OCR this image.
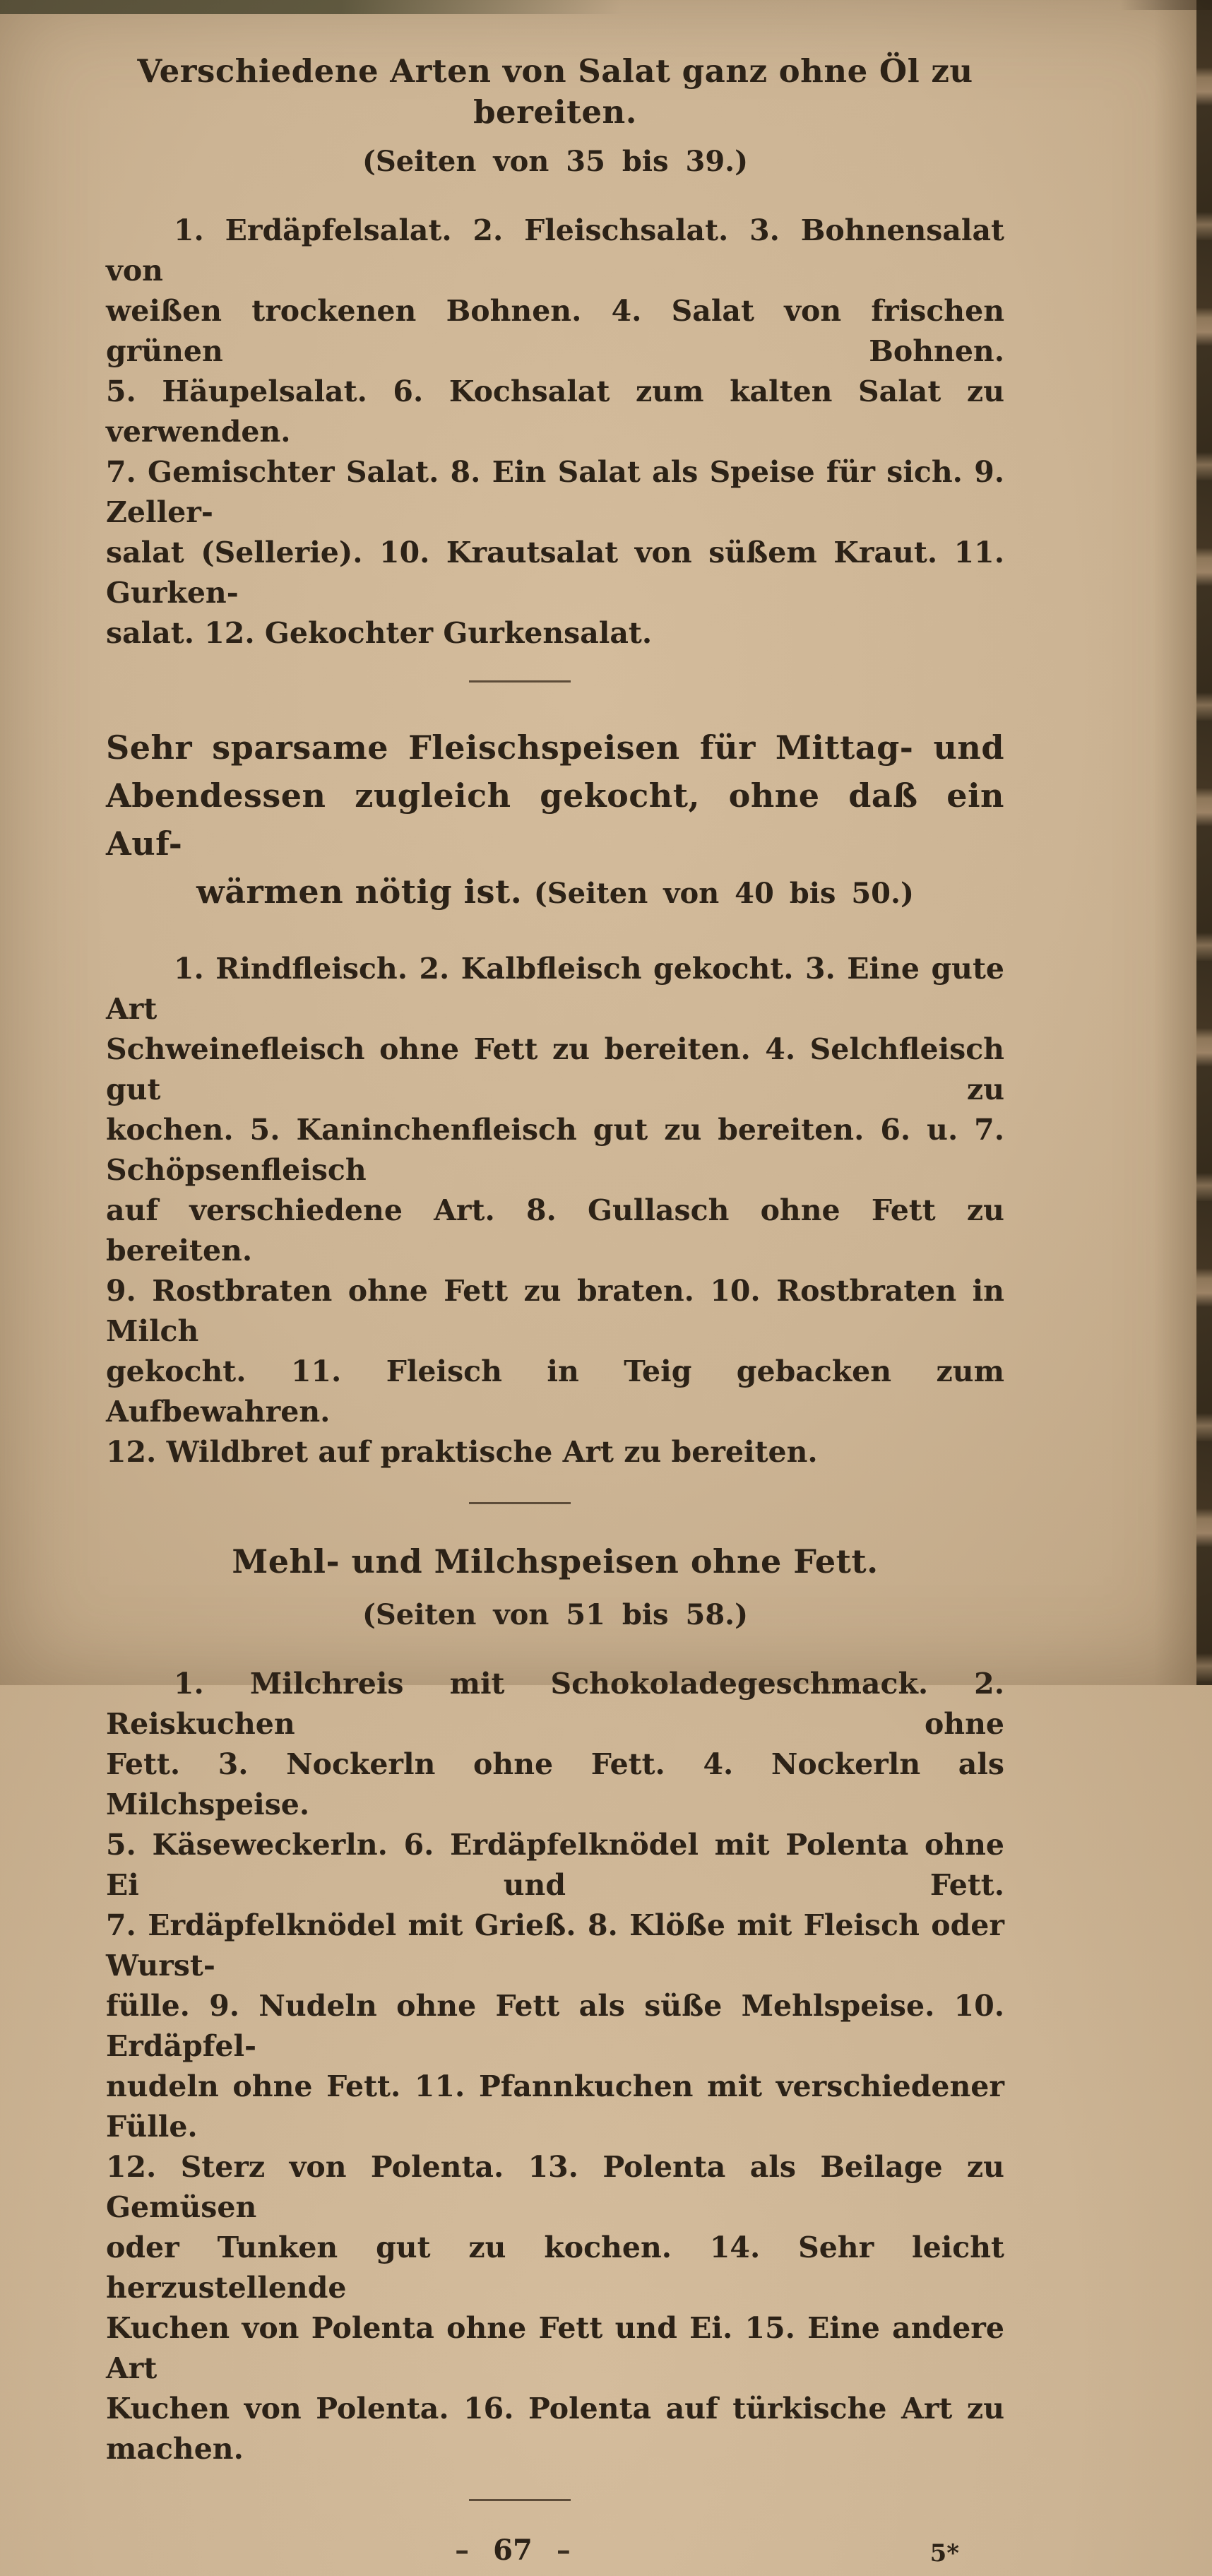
Verschiedene Arten von Salat ganz ohne Öl zu bereiten.
(Seiten von 35 bis 39.)
1. Erdäpfelsalat. 2. Fleischsalat. 3. Bohnensalat von
weißen trockenen Bohnen. 4. Salat von frischen grünen Bohnen.
5. Häupelsalat. 6. Kochsalat zum kalten Salat zu verwenden.
7. Gemischter Salat. 8. Ein Salat als Speise für sich. 9. Zeller-
salat (Sellerie). 10. Krautsalat von süßem Kraut. 11. Gurken-
salat. 12. Gekochter Gurkensalat.
Sehr sparsame Fleischspeisen für Mittag- und
Abendessen zugleich gekocht, ohne daß ein Auf-
wärmen nötig ist. (Seiten von 40 bis 50.)
1. Rindfleisch. 2. Kalbfleisch gekocht. 3. Eine gute Art
Schweinefleisch ohne Fett zu bereiten. 4. Selchfleisch gut zu
kochen. 5. Kaninchenfleisch gut zu bereiten. 6. u. 7. Schöpsenfleisch
auf verschiedene Art. 8. Gullasch ohne Fett zu bereiten.
9. Rostbraten ohne Fett zu braten. 10. Rostbraten in Milch
gekocht. 11. Fleisch in Teig gebacken zum Aufbewahren.
12. Wildbret auf praktische Art zu bereiten.
Mehl- und Milchspeisen ohne Fett.
(Seiten von 51 bis 58.)
1. Milchreis mit Schokoladegeschmack. 2. Reiskuchen ohne
Fett. 3. Nockerln ohne Fett. 4. Nockerln als Milchspeise.
5. Käseweckerln. 6. Erdäpfelknödel mit Polenta ohne Ei und Fett.
7. Erdäpfelknödel mit Grieß. 8. Klöße mit Fleisch oder Wurst-
fülle. 9. Nudeln ohne Fett als süße Mehlspeise. 10. Erdäpfel-
nudeln ohne Fett. 11. Pfannkuchen mit verschiedener Fülle.
12. Sterz von Polenta. 13. Polenta als Beilage zu Gemüsen
oder Tunken gut zu kochen. 14. Sehr leicht herzustellende
Kuchen von Polenta ohne Fett und Ei. 15. Eine andere Art
Kuchen von Polenta. 16. Polenta auf türkische Art zu machen.
– 67 –	5*
